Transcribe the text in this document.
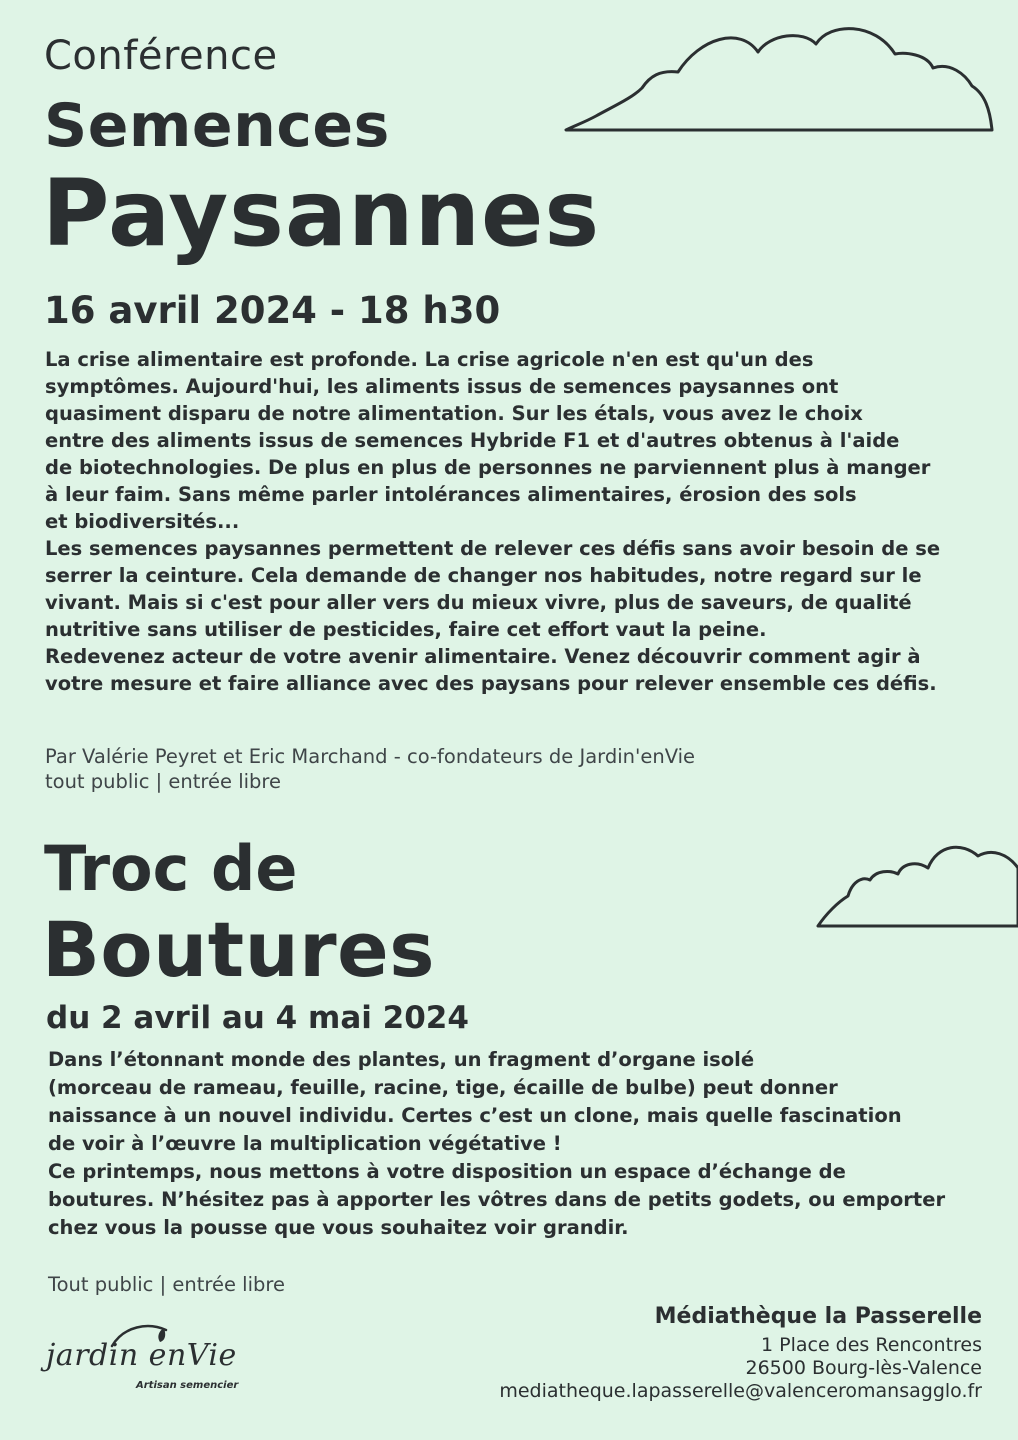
Conférence
Semences
Paysannes
16 avril 2024 - 18 h30

La crise alimentaire est profonde. La crise agricole n'en est qu'un des
symptômes. Aujourd'hui, les aliments issus de semences paysannes ont
quasiment disparu de notre alimentation. Sur les étals, vous avez le choix
entre des aliments issus de semences Hybride F1 et d'autres obtenus à l'aide
de biotechnologies. De plus en plus de personnes ne parviennent plus à manger
à leur faim. Sans même parler intolérances alimentaires, érosion des sols
et biodiversités...

Les semences paysannes permettent de relever ces défis sans avoir besoin de se
serrer la ceinture. Cela demande de changer nos habitudes, notre regard sur le
vivant. Mais si c'est pour aller vers du mieux vivre, plus de saveurs, de qualité
nutritive sans utiliser de pesticides, faire cet effort vaut la peine.

Redevenez acteur de votre avenir alimentaire. Venez découvrir comment agir à
votre mesure et faire alliance avec des paysans pour relever ensemble ces défis.

Par Valérie Peyret et Eric Marchand - co-fondateurs de Jardin'enVie
tout public | entrée libre
Troc de
Boutures
du 2 avril au 4 mai 2024

Dans l’étonnant monde des plantes, un fragment d’organe isolé
(morceau de rameau, feuille, racine, tige, écaille de bulbe) peut donner
naissance à un nouvel individu. Certes c’est un clone, mais quelle fascination
de voir à l’œuvre la multiplication végétative !

Ce printemps, nous mettons à votre disposition un espace d’échange de
boutures. N’hésitez pas à apporter les vôtres dans de petits godets, ou emporter
chez vous la pousse que vous souhaitez voir grandir.

Tout public | entrée libre
jardin enVie
Artisan semencier
Médiathèque la Passerelle
1 Place des Rencontres
26500 Bourg-lès-Valence
mediatheque.lapasserelle@valenceromansagglo.fr
